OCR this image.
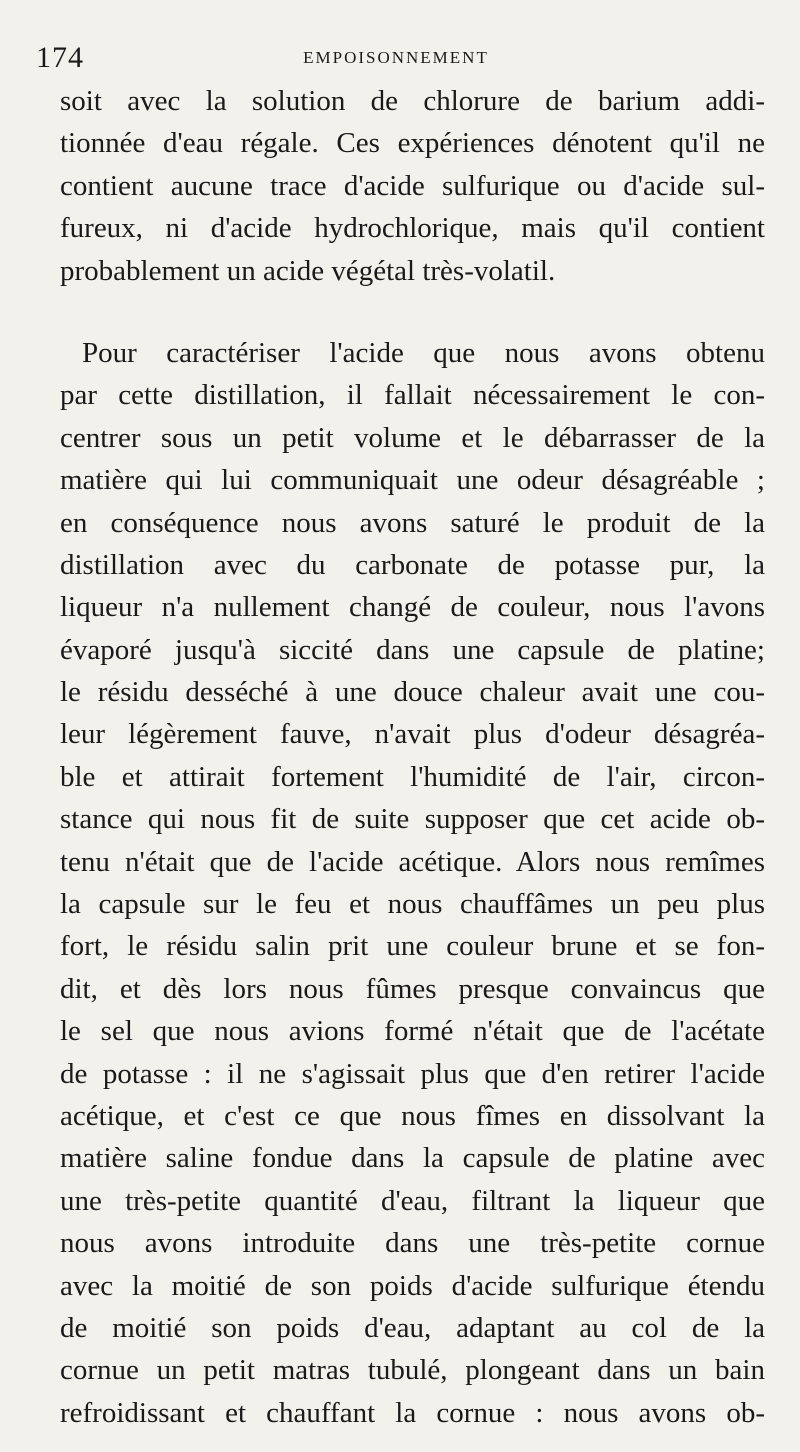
174	EMPOISONNEMENT
soit avec la solution de chlorure de barium addi-
tionnée d'eau régale. Ces expériences dénotent qu'il ne
contient aucune trace d'acide sulfurique ou d'acide sul-
fureux, ni d'acide hydrochlorique, mais qu'il contient
probablement un acide végétal très-volatil.
Pour caractériser l'acide que nous avons obtenu
par cette distillation, il fallait nécessairement le con-
centrer sous un petit volume et le débarrasser de la
matière qui lui communiquait une odeur désagréable ;
en conséquence nous avons saturé le produit de la
distillation avec du carbonate de potasse pur, la
liqueur n'a nullement changé de couleur, nous l'avons
évaporé jusqu'à siccité dans une capsule de platine;
le résidu desséché à une douce chaleur avait une cou-
leur légèrement fauve, n'avait plus d'odeur désagréa-
ble et attirait fortement l'humidité de l'air, circon-
stance qui nous fit de suite supposer que cet acide ob-
tenu n'était que de l'acide acétique. Alors nous remîmes
la capsule sur le feu et nous chauffâmes un peu plus
fort, le résidu salin prit une couleur brune et se fon-
dit, et dès lors nous fûmes presque convaincus que
le sel que nous avions formé n'était que de l'acétate
de potasse : il ne s'agissait plus que d'en retirer l'acide
acétique, et c'est ce que nous fîmes en dissolvant la
matière saline fondue dans la capsule de platine avec
une très-petite quantité d'eau, filtrant la liqueur que
nous avons introduite dans une très-petite cornue
avec la moitié de son poids d'acide sulfurique étendu
de moitié son poids d'eau, adaptant au col de la
cornue un petit matras tubulé, plongeant dans un bain
refroidissant et chauffant la cornue : nous avons ob-
